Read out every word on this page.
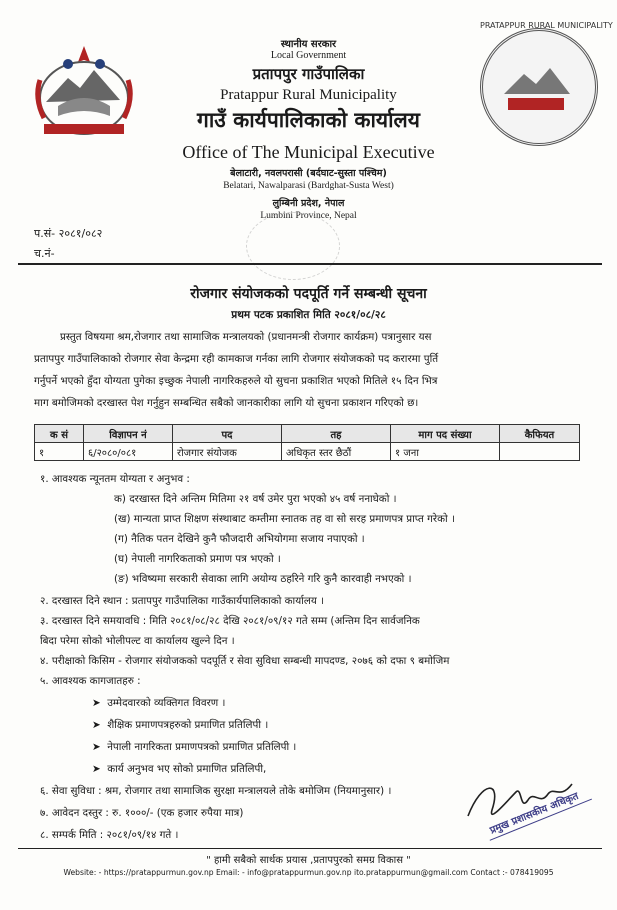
PRATAPPUR RURAL MUNICIPALITY
स्थानीय सरकार
Local Government
प्रतापपुर गाउँपालिका
Pratappur Rural Municipality
गाउँ कार्यपालिकाको कार्यालय
Office of The Municipal Executive
बेलाटारी, नवलपरासी (बर्दघाट-सुस्ता पश्चिम)
Belatari, Nawalparasi (Bardghat-Susta West)
लुम्बिनी प्रदेश, नेपाल
Lumbini Province, Nepal
प.सं- २०८१/०८२
च.नं-
रोजगार संयोजकको पदपूर्ति गर्ने सम्बन्धी सूचना
प्रथम पटक प्रकाशित मिति २०८१/०८/२८
प्रस्तुत विषयमा श्रम,रोजगार तथा सामाजिक मन्त्रालयको (प्रधानमन्त्री रोजगार कार्यक्रम) पत्रानुसार यस
प्रतापपुर गाउँपालिकाको रोजगार सेवा केन्द्रमा रही कामकाज गर्नका लागि रोजगार संयोजकको पद करारमा पुर्ति
गर्नुपर्ने भएको हुँदा योग्यता पुगेका इच्छुक नेपाली नागरिकहरुले यो सुचना प्रकाशित भएको मितिले १५ दिन भित्र
माग बमोजिमको दरखास्त पेश गर्नुहुन सम्बन्धित सबैको जानकारीका लागि यो सुचना प्रकाशन गरिएको छ।
क सं	विज्ञापन नं	पद	तह	माग पद संख्या	कैफियत
१	६/२०८०/०८१	रोजगार संयोजक	अधिकृत स्तर छैठौं	१ जना	
१. आवश्यक न्यूनतम योग्यता र अनुभव :
क) दरखास्त दिने अन्तिम मितिमा २१ वर्ष उमेर पुरा भएको ४५ वर्ष ननाघेको ।
(ख) मान्यता प्राप्त शिक्षण संस्थाबाट कम्तीमा स्नातक तह वा सो सरह प्रमाणपत्र प्राप्त गरेको ।
(ग) नैतिक पतन देखिने कुनै फौजदारी अभियोगमा सजाय नपाएको ।
(घ) नेपाली नागरिकताको प्रमाण पत्र भएको ।
(ङ) भविष्यमा सरकारी सेवाका लागि अयोग्य ठहरिने गरि कुनै कारवाही नभएको ।
२. दरखास्त दिने स्थान : प्रतापपुर गाउँपालिका गाउँकार्यपालिकाको कार्यालय ।
३. दरखास्त दिने समयावधि : मिति २०८१/०८/२८ देखि २०८१/०९/१२ गते सम्म (अन्तिम दिन सार्वजनिक
बिदा परेमा सोको भोलीपल्ट वा कार्यालय खुल्ने दिन ।
४. परीक्षाको किसिम - रोजगार संयोजकको पदपूर्ति र सेवा सुविधा सम्बन्धी मापदण्ड, २०७६ को दफा ९ बमोजिम
५. आवश्यक कागजातहरु :
➤  उम्मेदवारको व्यक्तिगत विवरण ।
➤  शैक्षिक प्रमाणपत्रहरुको प्रमाणित प्रतिलिपी ।
➤  नेपाली नागरिकता प्रमाणपत्रको प्रमाणित प्रतिलिपी ।
➤  कार्य अनुभव भए सोको प्रमाणित प्रतिलिपी,
६. सेवा सुविधा : श्रम, रोजगार तथा सामाजिक सुरक्षा मन्त्रालयले तोके बमोजिम (नियमानुसार) ।
७. आवेदन दस्तुर : रु. १०००/- (एक हजार रुपैया मात्र)
८. सम्पर्क मिति : २०८१/०९/१४ गते ।	प्रमुख प्रशासकीय अधिकृत
" हामी सबैको सार्थक प्रयास ,प्रतापपुरको समग्र विकास "
Website: - https://pratappurmun.gov.np Email: - info@pratappurmun.gov.np ito.pratappurmun@gmail.com Contact :- 078419095
